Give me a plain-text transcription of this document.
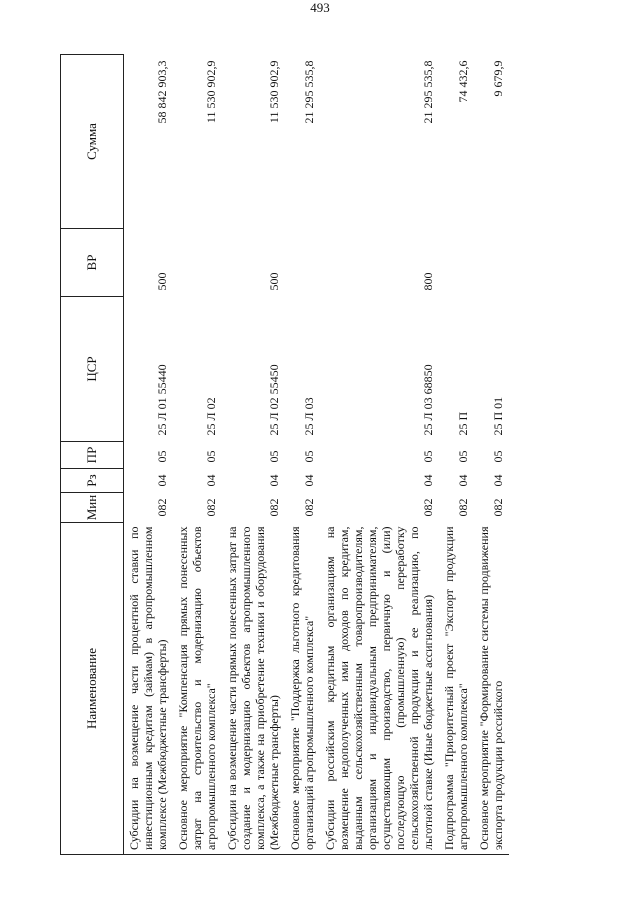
493
Наименование	Мин	Рз	ПР	ЦСР	ВР	Сумма
Субсидии на возмещение части процентной ставки по инвестиционным кредитам (займам) в агропромышленном комплексе (Межбюджетные трансферты)	082	04	05	25 Л 01 55440	500	58 842 903,3
Основное мероприятие "Компенсация прямых понесенных затрат на строительство и модернизацию объектов агропромышленного комплекса"	082	04	05	25 Л 02		11 530 902,9
Субсидии на возмещение части прямых понесенных затрат на создание и модернизацию объектов агропромышленного комплекса, а также на приобретение техники и оборудования (Межбюджетные трансферты)	082	04	05	25 Л 02 55450	500	11 530 902,9
Основное мероприятие "Поддержка льготного кредитования организаций агропромышленного комплекса"	082	04	05	25 Л 03		21 295 535,8
Субсидии российским кредитным организациям на возмещение недополученных ими доходов по кредитам, выданным сельскохозяйственным товаропроизводителям, организациям и индивидуальным предпринимателям, осуществляющим производство, первичную и (или) последующую (промышленную) переработку сельскохозяйственной продукции и ее реализацию, по льготной ставке (Иные бюджетные ассигнования)	082	04	05	25 Л 03 68850	800	21 295 535,8
Подпрограмма "Приоритетный проект "Экспорт продукции агропромышленного комплекса"	082	04	05	25 П		74 432,6
Основное мероприятие "Формирование системы продвижения экспорта продукции российского	082	04	05	25 П 01		9 679,9
